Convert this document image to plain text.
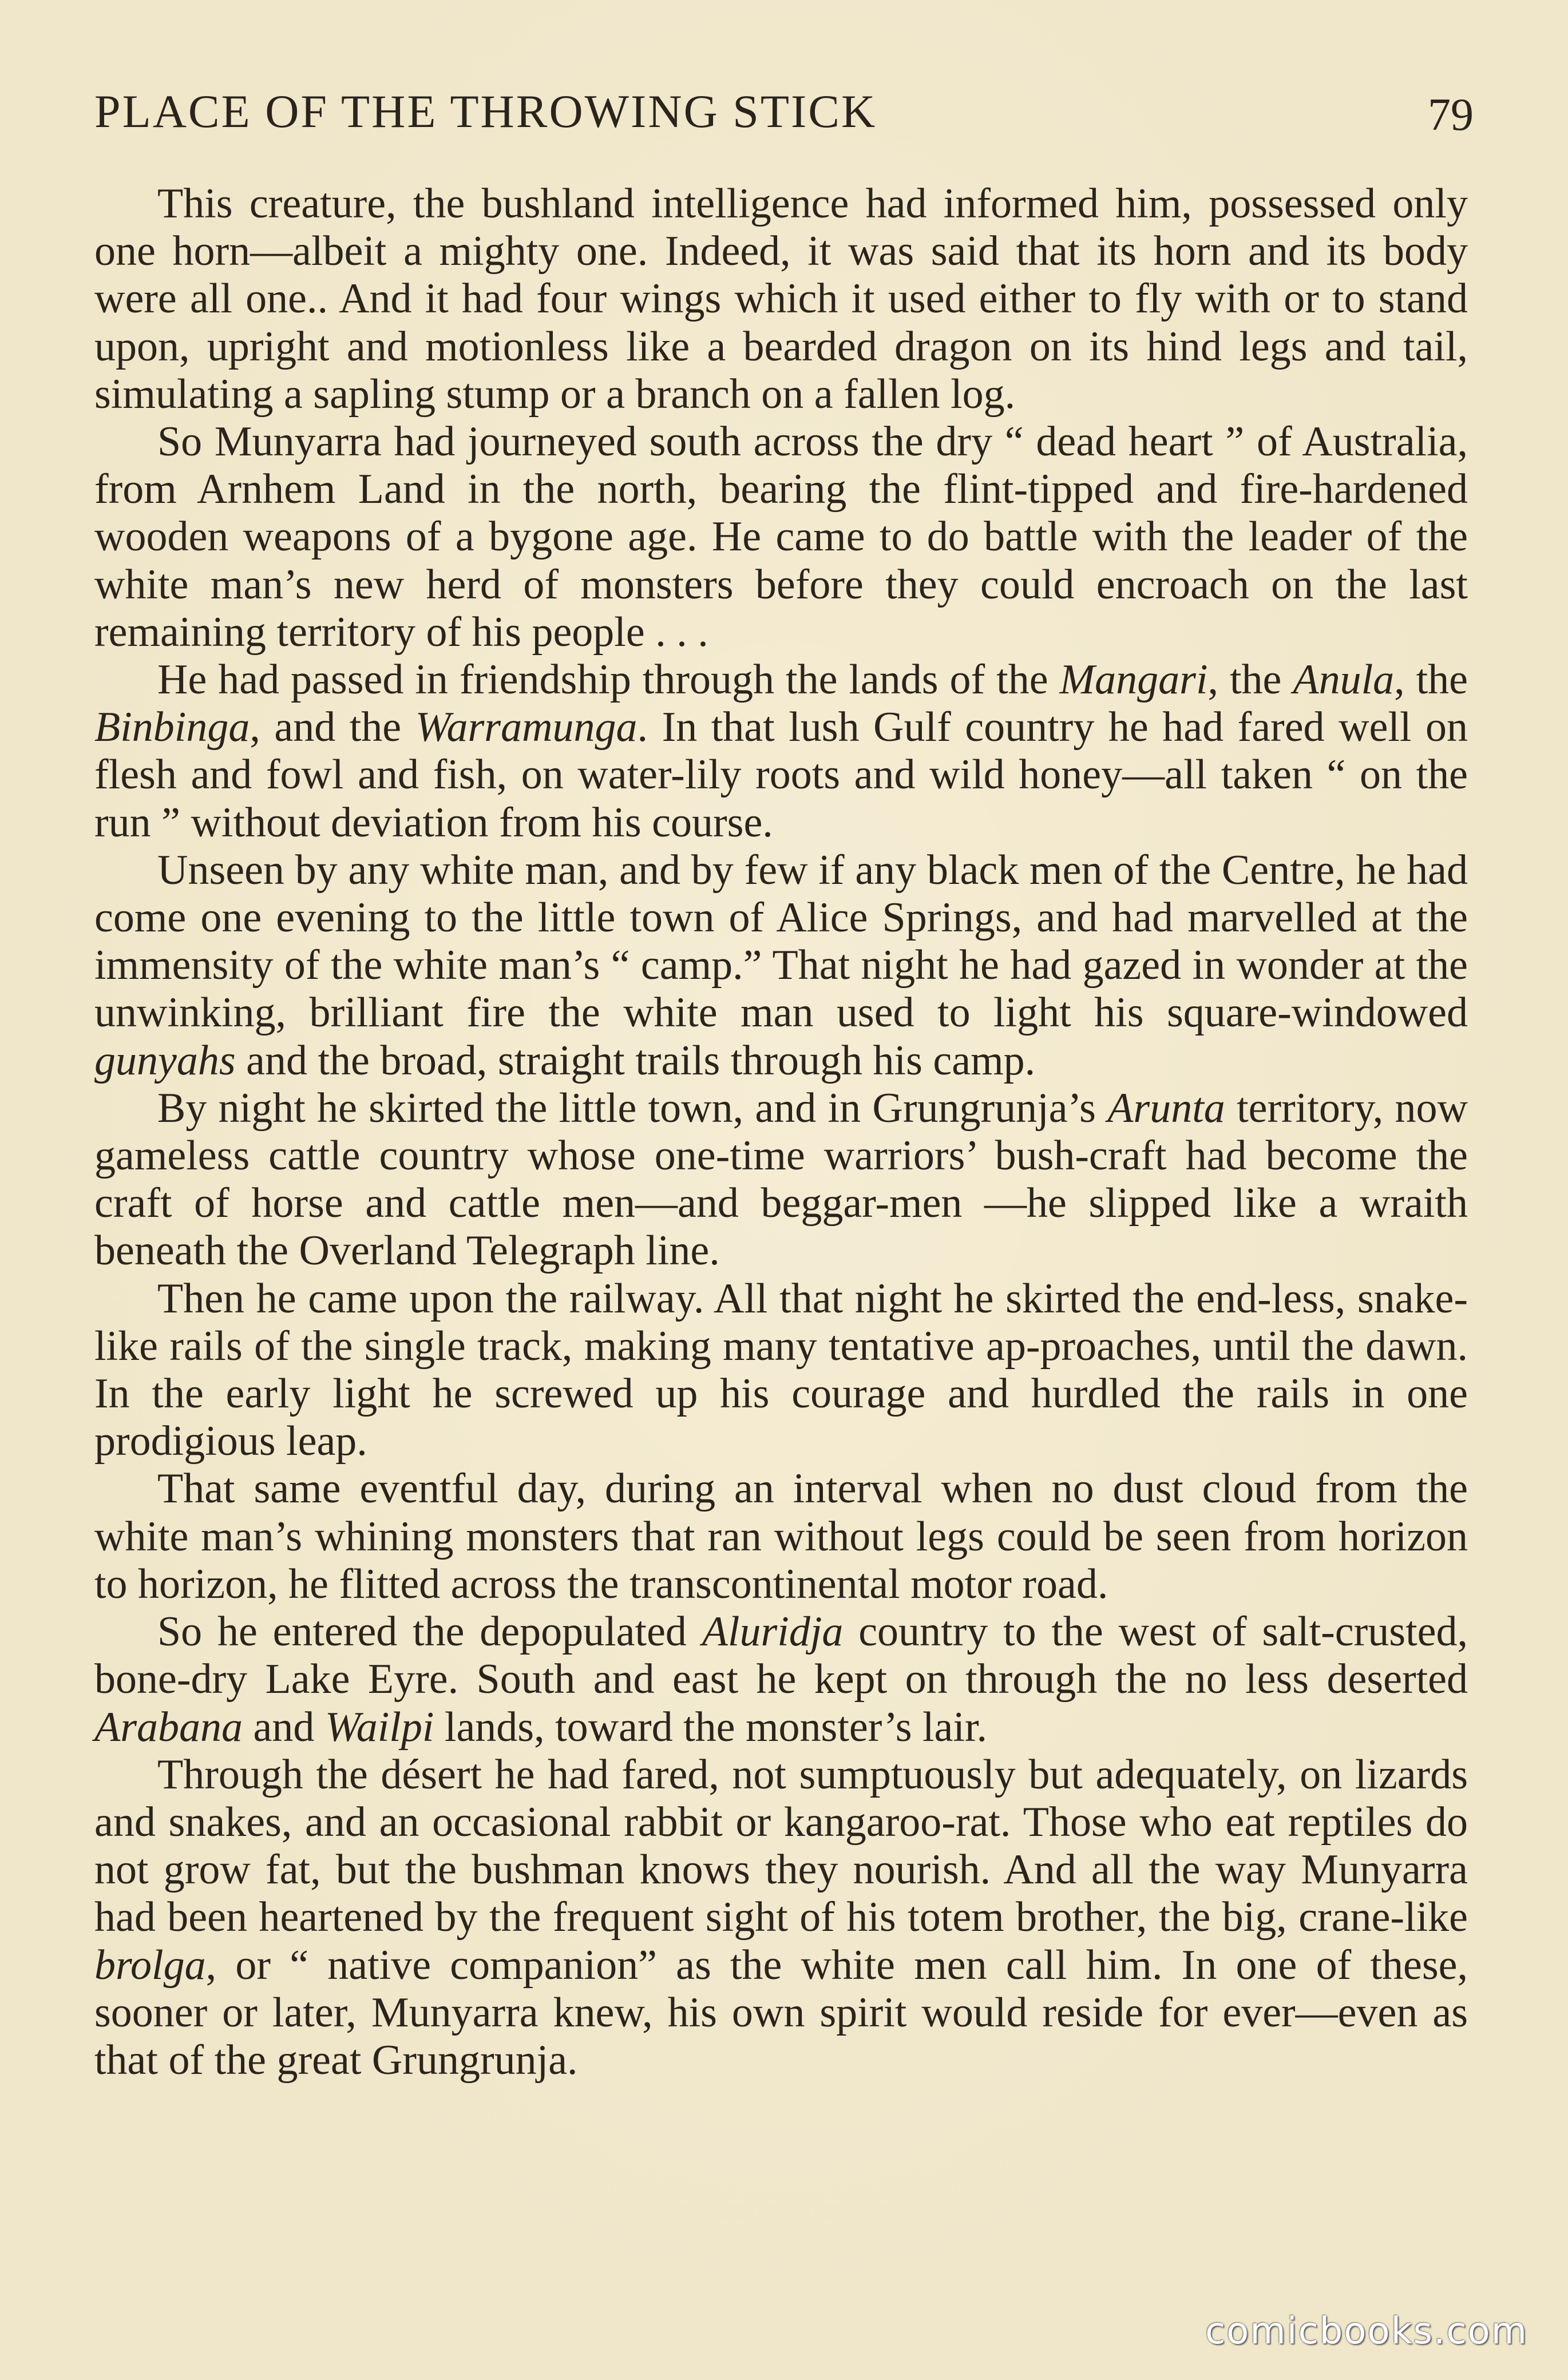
PLACE OF THE THROWING STICK	79

This creature, the bushland intelligence had informed him, possessed only one horn—albeit a mighty one. Indeed, it was said that its horn and its body were all one.. And it had four wings which it used either to fly with or to stand upon, upright and motionless like a bearded dragon on its hind legs and tail, simulating a sapling stump or a branch on a fallen log.

So Munyarra had journeyed south across the dry “ dead heart ” of Australia, from Arnhem Land in the north, bearing the flint-tipped and fire-hardened wooden weapons of a bygone age. He came to do battle with the leader of the white man’s new herd of monsters before they could encroach on the last remaining territory of his people . . .

He had passed in friendship through the lands of the Mangari, the Anula, the Binbinga, and the Warramunga. In that lush Gulf country he had fared well on flesh and fowl and fish, on water-lily roots and wild honey—all taken “ on the run ” without deviation from his course.

Unseen by any white man, and by few if any black men of the Centre, he had come one evening to the little town of Alice Springs, and had marvelled at the immensity of the white man’s “ camp.” That night he had gazed in wonder at the unwinking, brilliant fire the white man used to light his square-windowed gunyahs and the broad, straight trails through his camp.

By night he skirted the little town, and in Grungrunja’s Arunta territory, now gameless cattle country whose one-time warriors’ bush-craft had become the craft of horse and cattle men—and beggar-men —he slipped like a wraith beneath the Overland Telegraph line.

Then he came upon the railway. All that night he skirted the end-less, snake-like rails of the single track, making many tentative ap-proaches, until the dawn. In the early light he screwed up his courage and hurdled the rails in one prodigious leap.

That same eventful day, during an interval when no dust cloud from the white man’s whining monsters that ran without legs could be seen from horizon to horizon, he flitted across the transcontinental motor road.

So he entered the depopulated Aluridja country to the west of salt-crusted, bone-dry Lake Eyre. South and east he kept on through the no less deserted Arabana and Wailpi lands, toward the monster’s lair.

Through the désert he had fared, not sumptuously but adequately, on lizards and snakes, and an occasional rabbit or kangaroo-rat. Those who eat reptiles do not grow fat, but the bushman knows they nourish. And all the way Munyarra had been heartened by the frequent sight of his totem brother, the big, crane-like brolga, or “ native companion” as the white men call him. In one of these, sooner or later, Munyarra knew, his own spirit would reside for ever—even as that of the great Grungrunja.

comicbooks.com
